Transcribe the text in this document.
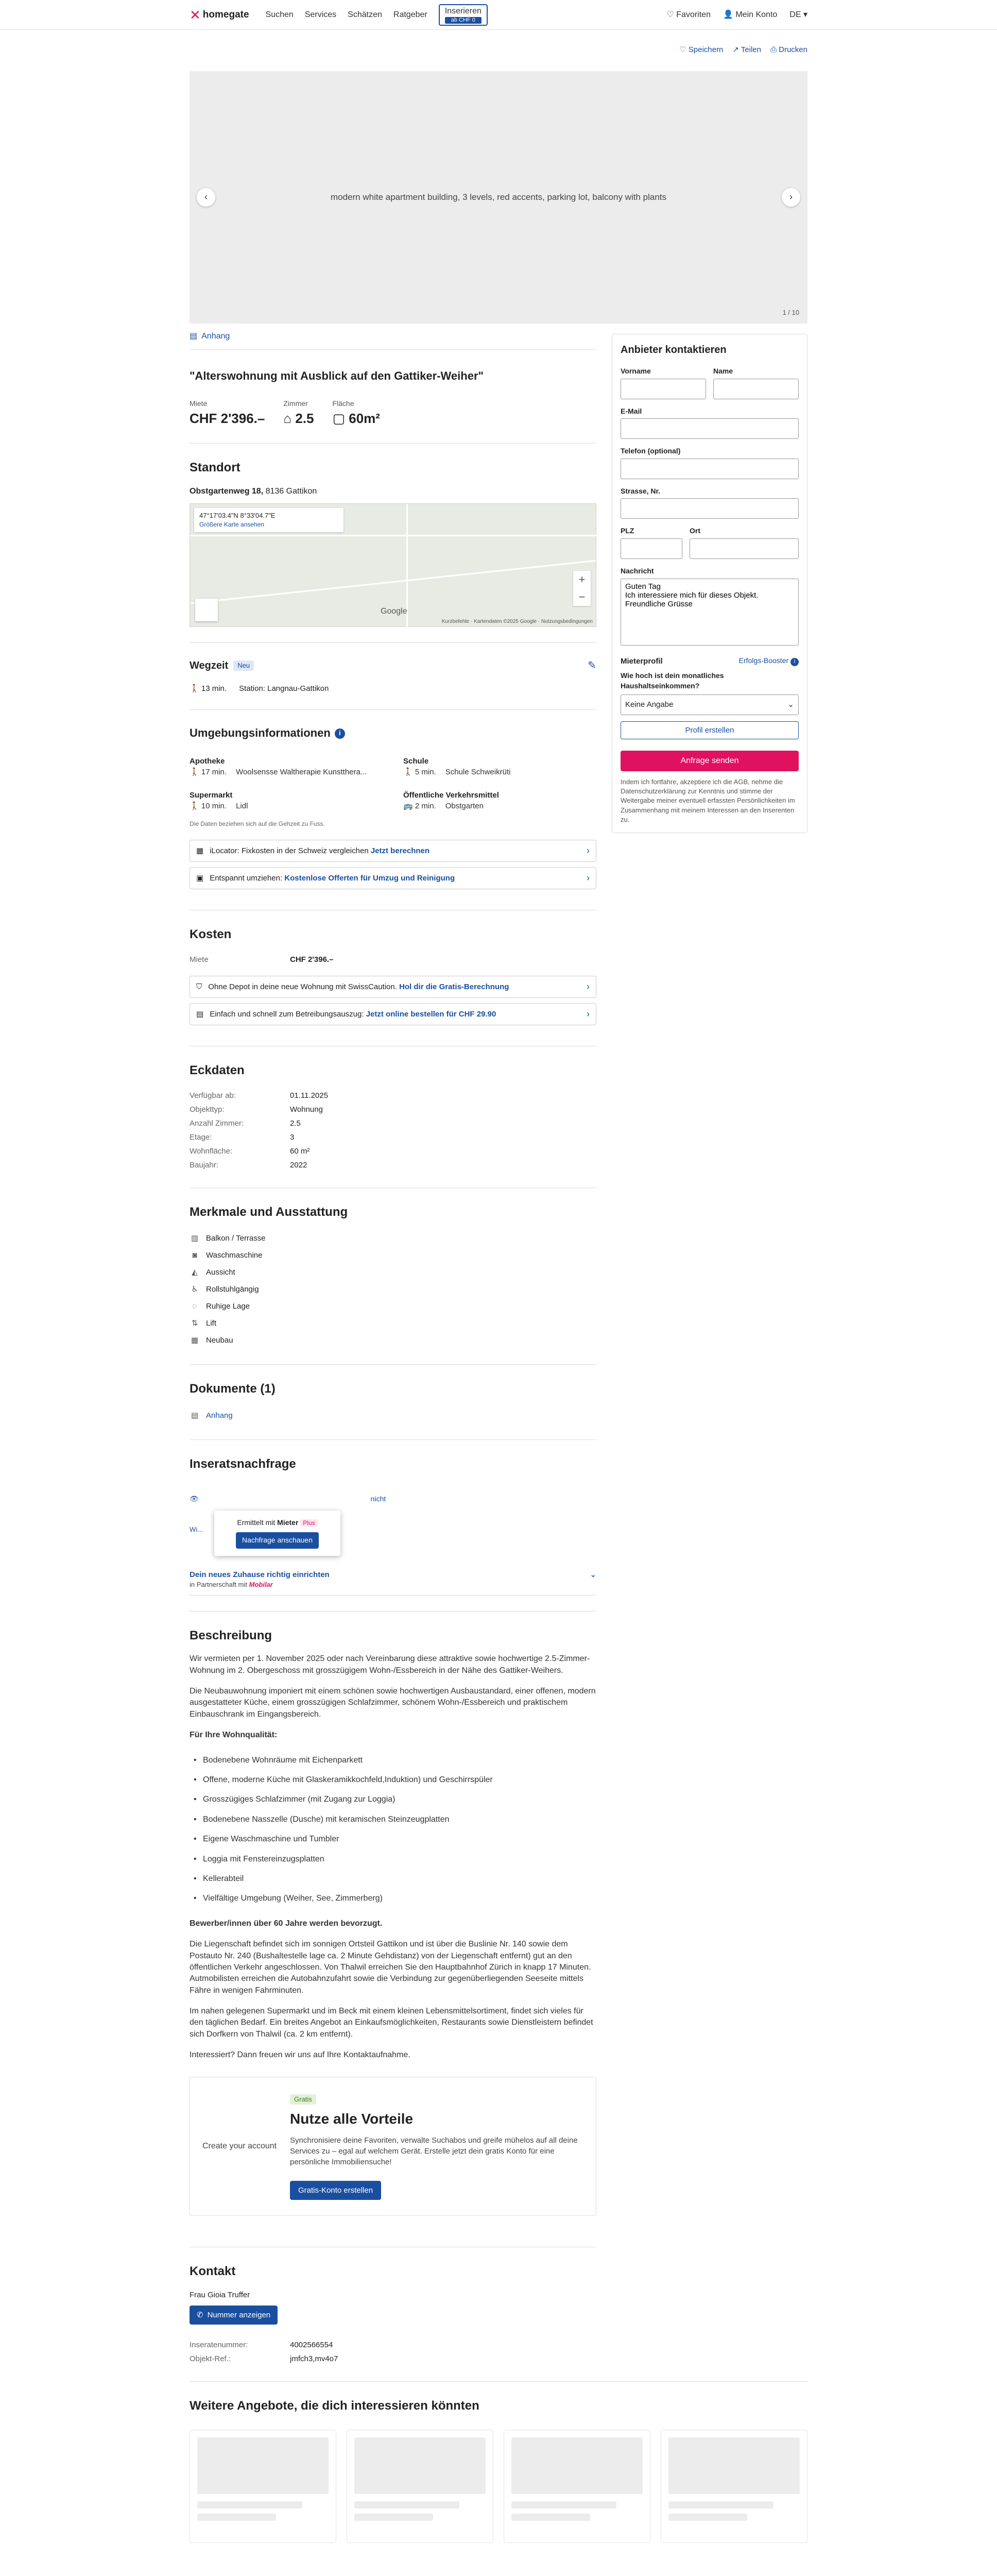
✕ homegate Suchen Services Schätzen Ratgeber	Inserieren
ab CHF 0
♡ Favoriten 👤 Mein Konto DE ▾
♡ Speichern ↗ Teilen ⎙ Drucken
modern white apartment building, 3 levels, red accents, parking lot, balcony with plants
‹	›
1 / 10
▤ Anhang
"Alterswohnung mit Ausblick auf den Gattiker-Weiher"
Miete
CHF 2'396.–
Zimmer
⌂ 2.5
Fläche
▢ 60m²
Standort
Obstgartenweg 18, 8136 Gattikon
47°17'03.4"N 8°33'04.7"E
Größere Karte ansehen
+
−
Google
Kurzbefehle · Kartendaten ©2025 Google · Nutzungsbedingungen
Wegzeit	Neu	✎
🚶 13 min. Station: Langnau-Gattikon
Umgebungsinformationen	i
Apotheke
🚶 17 min. Woolsensse Waltherapie Kunstthera...
Schule
🚶 5 min. Schule Schweikrüti
Supermarkt
🚶 10 min. Lidl
Öffentliche Verkehrsmittel
🚌 2 min. Obstgarten
Die Daten beziehen sich auf die Gehzeit zu Fuss.
▦ iLocator: Fixkosten in der Schweiz vergleichen Jetzt berechnen	›
▣ Entspannt umziehen: Kostenlose Offerten für Umzug und Reinigung	›
Kosten
Miete	CHF 2'396.–
⛉ Ohne Depot in deine neue Wohnung mit SwissCaution. Hol dir die Gratis-Berechnung	›
▤ Einfach und schnell zum Betreibungsauszug: Jetzt online bestellen für CHF 29.90	›
Eckdaten
Verfügbar ab:	01.11.2025
Objekttyp:	Wohnung
Anzahl Zimmer:	2.5
Etage:	3
Wohnfläche:	60 m²
Baujahr:	2022
Merkmale und Ausstattung
▥ Balkon / Terrasse
◙	Waschmaschine
◭ Aussicht
♿ Rollstuhlgängig
◌	Ruhige Lage
⇅ Lift
▦ Neubau
Dokumente (1)
▤ Anhang
Inseratsnachfrage
👁	nicht
Wi...
Ermittelt mit Mieter Plus
Nachfrage anschauen
Dein neues Zuhause richtig einrichten
in Partnerschaft mit Mobilar
⌄
Beschreibung

Wir vermieten per 1. November 2025 oder nach Vereinbarung diese attraktive sowie hochwertige 2.5-Zimmer-Wohnung im 2. Obergeschoss mit grosszügigem Wohn-/Essbereich in der Nähe des Gattiker-Weihers.

Die Neubauwohnung imponiert mit einem schönen sowie hochwertigen Ausbaustandard, einer offenen, modern ausgestatteter Küche, einem grosszügigen Schlafzimmer, schönem Wohn-/Essbereich und praktischem Einbauschrank im Eingangsbereich.

Für Ihre Wohnqualität:

• Bodenebene Wohnräume mit Eichenparkett
• Offene, moderne Küche mit Glaskeramikkochfeld,Induktion) und Geschirrspüler
• Grosszügiges Schlafzimmer (mit Zugang zur Loggia)
• Bodenebene Nasszelle (Dusche) mit keramischen Steinzeugplatten
• Eigene Waschmaschine und Tumbler
• Loggia mit Fenstereinzugsplatten
• Kellerabteil
• Vielfältige Umgebung (Weiher, See, Zimmerberg)

Bewerber/innen über 60 Jahre werden bevorzugt.

Die Liegenschaft befindet sich im sonnigen Ortsteil Gattikon und ist über die Buslinie Nr. 140 sowie dem Postauto Nr. 240 (Bushaltestelle lage ca. 2 Minute Gehdistanz) von der Liegenschaft entfernt) gut an den öffentlichen Verkehr angeschlossen. Von Thalwil erreichen Sie den Hauptbahnhof Zürich in knapp 17 Minuten. Autmobilisten erreichen die Autobahnzufahrt sowie die Verbindung zur gegenüberliegenden Seeseite mittels Fähre in wenigen Fahrminuten.

Im nahen gelegenen Supermarkt und im Beck mit einem kleinen Lebensmittelsortiment, findet sich vieles für den täglichen Bedarf. Ein breites Angebot an Einkaufsmöglichkeiten, Restaurants sowie Dienstleistern befindet sich Dorfkern von Thalwil (ca. 2 km entfernt).

Interessiert? Dann freuen wir uns auf Ihre Kontaktaufnahme.

Create your account
Gratis
Nutze alle Vorteile

Synchronisiere deine Favoriten, verwalte Suchabos und greife mühelos auf all deine Services zu – egal auf welchem Gerät. Erstelle jetzt dein gratis Konto für eine persönliche Immobiliensuche!

Gratis-Konto erstellen
Kontakt
Frau Gioia Truffer
✆ Nummer anzeigen
Inseratenummer:	4002566554
Objekt-Ref.:	jmfch3,mv4o7
Anbieter kontaktieren
Vorname	Name
E-Mail
Telefon (optional)
Strasse, Nr.
PLZ	Ort
Nachricht
Guten Tag Ich interessiere mich für dieses Objekt. Freundliche Grüsse
Mieterprofil	Erfolgs-Booster i
Wie hoch ist dein monatliches Haushaltseinkommen?
Keine Angabe	⌄
Profil erstellen
Anfrage senden
Indem ich fortfahre, akzeptiere ich die AGB, nehme die Datenschutzerklärung zur Kenntnis und stimme der Weitergabe meiner eventuell erfassten Persönlichkeiten im Zusammenhang mit meinem Interessen an den Inserenten zu.
Weitere Angebote, die dich interessieren könnten
